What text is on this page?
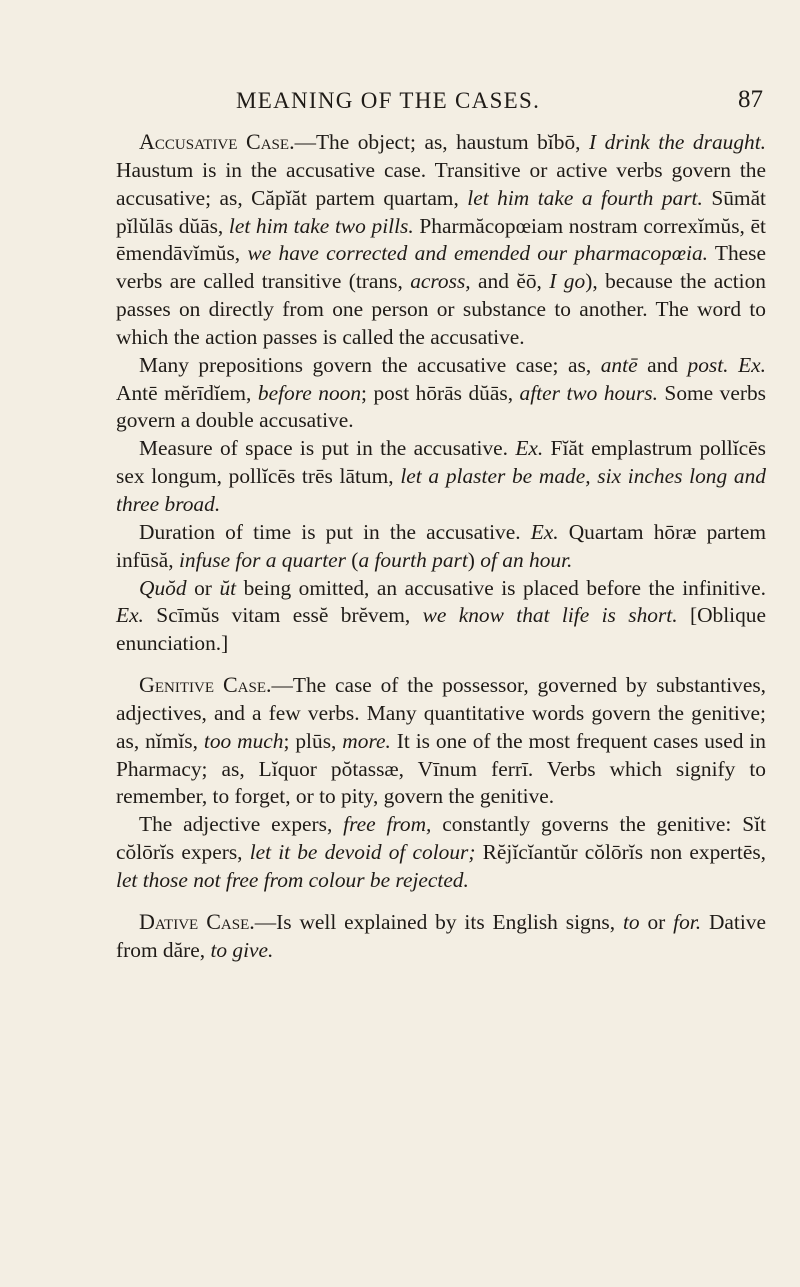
MEANING OF THE CASES.	87

Accusative Case.—The object; as, haustum bĭbō, I drink the draught. Haustum is in the accusative case. Transitive or active verbs govern the accusative; as, Căpĭăt partem quartam, let him take a fourth part. Sūmăt pĭlŭlās dŭās, let him take two pills. Pharmăcopœiam nostram correxĭmŭs, ēt ēmendāvĭmŭs, we have corrected and emended our pharmacopœia. These verbs are called transitive (trans, across, and ĕō, I go), because the action passes on directly from one person or substance to another. The word to which the action passes is called the accusative.

Many prepositions govern the accusative case; as, antē and post. Ex. Antē mĕrīdĭem, before noon; post hōrās dŭās, after two hours. Some verbs govern a double accusative.

Measure of space is put in the accusative. Ex. Fĭăt emplastrum pollĭcēs sex longum, pollĭcēs trēs lātum, let a plaster be made, six inches long and three broad.

Duration of time is put in the accusative. Ex. Quartam hōræ partem infūsă, infuse for a quarter (a fourth part) of an hour.

Quŏd or ŭt being omitted, an accusative is placed before the infinitive. Ex. Scīmŭs vitam essĕ brĕvem, we know that life is short. [Oblique enunciation.]

Genitive Case.—The case of the possessor, governed by substantives, adjectives, and a few verbs. Many quantitative words govern the genitive; as, nĭmĭs, too much; plūs, more. It is one of the most frequent cases used in Pharmacy; as, Lĭquor pŏtassæ, Vīnum ferrī. Verbs which signify to remember, to forget, or to pity, govern the genitive.

The adjective expers, free from, constantly governs the genitive: Sĭt cŏlōrĭs expers, let it be devoid of colour; Rĕjĭcĭantŭr cŏlōrĭs non expertēs, let those not free from colour be rejected.

Dative Case.—Is well explained by its English signs, to or for. Dative from dăre, to give.
